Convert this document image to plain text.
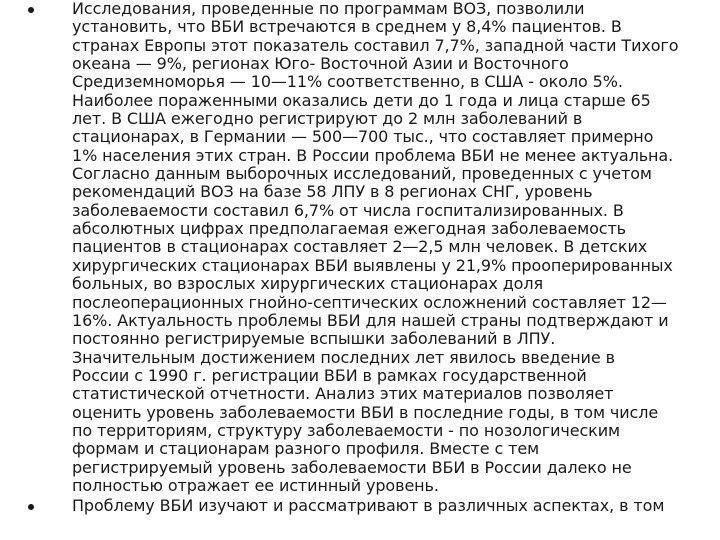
Исследования, проведенные по программам ВОЗ, позволили
установить, что ВБИ встречаются в среднем у 8,4% пациентов. В
странах Европы этот показатель составил 7,7%, западной части Тихого
океана — 9%, регионах Юго- Восточной Азии и Восточного
Средиземноморья — 10—11% соответственно, в США - около 5%.
Наиболее пораженными оказались дети до 1 года и лица старше 65
лет. В США ежегодно регистрируют до 2 млн заболеваний в
стационарах, в Германии — 500—700 тыс., что составляет примерно
1% населения этих стран. В России проблема ВБИ не менее актуальна.
Согласно данным выборочных исследований, проведенных с учетом
рекомендаций ВОЗ на базе 58 ЛПУ в 8 регионах СНГ, уровень
заболеваемости составил 6,7% от числа госпитализированных. В
абсолютных цифрах предполагаемая ежегодная заболеваемость
пациентов в стационарах составляет 2—2,5 млн человек. В детских
хирургических стационарах ВБИ выявлены у 21,9% прооперированных
больных, во взрослых хирургических стационарах доля
послеоперационных гнойно-септических осложнений составляет 12—
16%. Актуальность проблемы ВБИ для нашей страны подтверждают и
постоянно регистрируемые вспышки заболеваний в ЛПУ.
Значительным достижением последних лет явилось введение в
России с 1990 г. регистрации ВБИ в рамках государственной
статистической отчетности. Анализ этих материалов позволяет
оценить уровень заболеваемости ВБИ в последние годы, в том числе
по территориям, структуру заболеваемости - по нозологическим
формам и стационарам разного профиля. Вместе с тем
регистрируемый уровень заболеваемости ВБИ в России далеко не
полностью отражает ее истинный уровень.
Проблему ВБИ изучают и рассматривают в различных аспектах, в том
